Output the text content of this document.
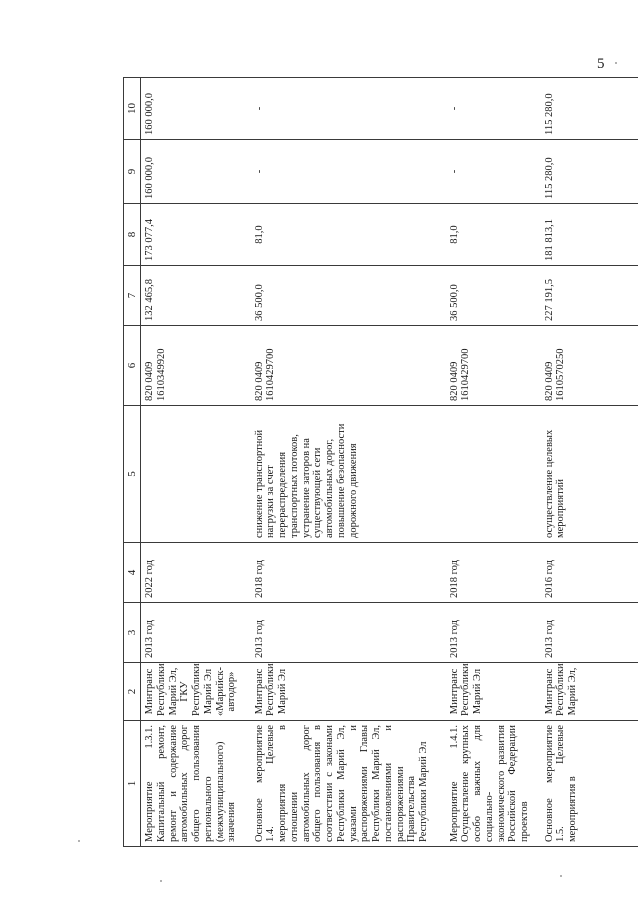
5
1	2	3	4	5	6	7	8	9	10
Мероприятие 1.3.1. Капитальный ремонт, ремонт и содержание автомобильных дорог общего пользования регионального (межмуниципального) значения	Минтранс Республики Марий Эл, ГКУ Республики Марий Эл «Марийск-автодор»	2013 год	2022 год		820 0409 1610349920	132 465,8	173 077,4	160 000,0	160 000,0
Основное мероприятие 1.4. Целевые мероприятия в отношении автомобильных дорог общего пользования в соответствии с законами Республики Марий Эл, указами и распоряжениями Главы Республики Марий Эл, постановлениями и распоряжениями Правительства Республики Марий Эл	Минтранс Республики Марий Эл	2013 год	2018 год	снижение транспортной нагрузки за счет перераспределения транспортных потоков, устранение заторов на существующей сети автомобильных дорог, повышение безопасности дорожного движения	820 0409 1610429700	36 500,0	81,0	-	-
Мероприятие 1.4.1. Осуществление крупных особо важных для социально-экономического развития Российской Федерации проектов	Минтранс Республики Марий Эл	2013 год	2018 год		820 0409 1610429700	36 500,0	81,0	-	-
Основное мероприятие 1.5. Целевые мероприятия в	Минтранс Республики Марий Эл,	2013 год	2016 год	осуществление целевых мероприятий	820 0409 1610570250	227 191,5	181 813,1	115 280,0	115 280,0
